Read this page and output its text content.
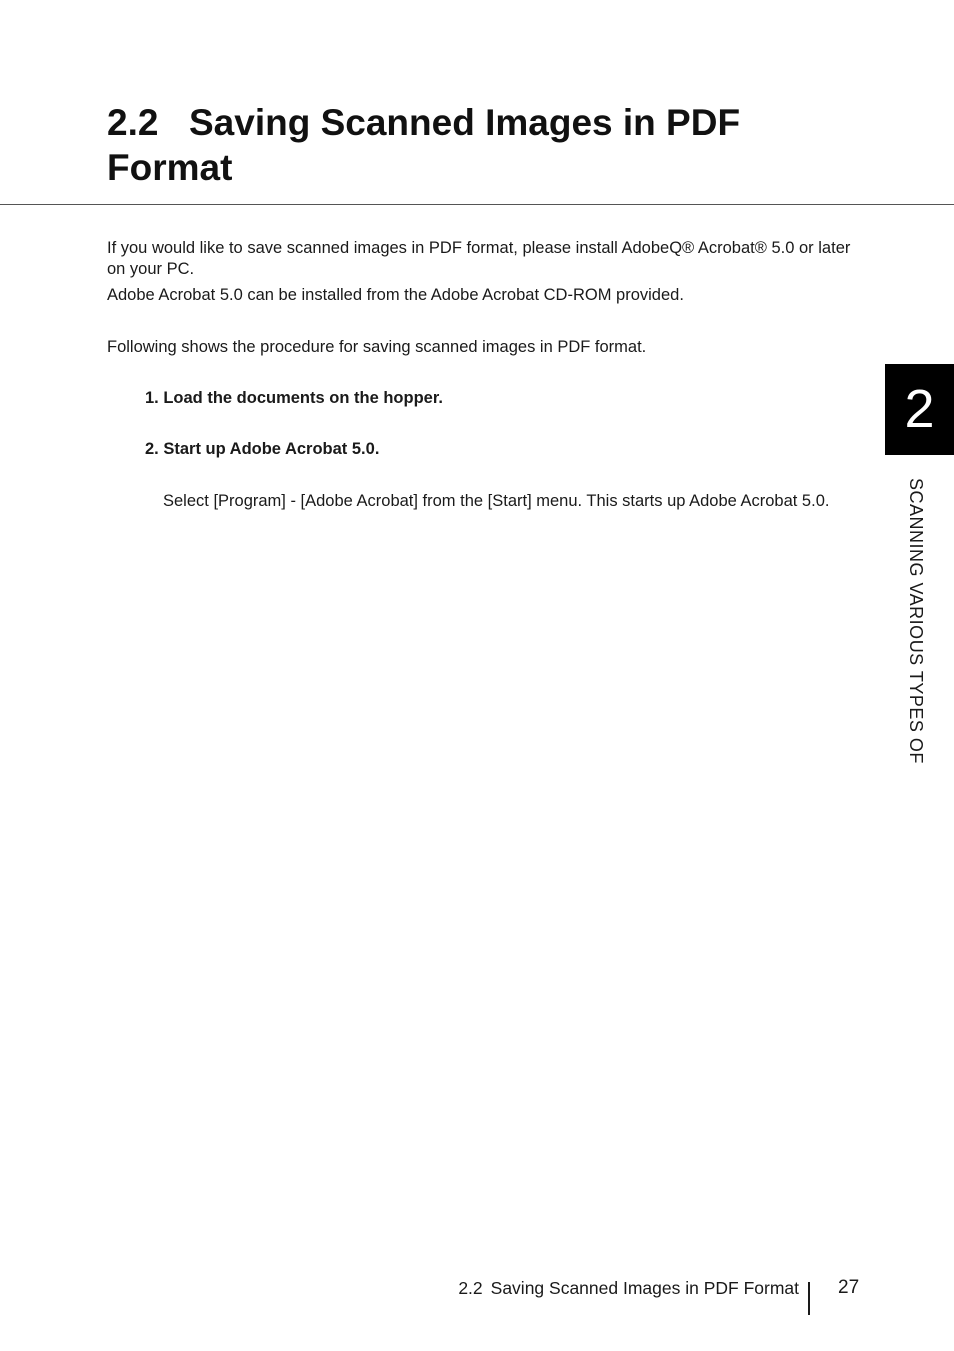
2.2 Saving Scanned Images in PDF Format

If you would like to save scanned images in PDF format, please install AdobeQ® Acrobat® 5.0 or later on your PC.

Adobe Acrobat 5.0 can be installed from the Adobe Acrobat CD-ROM provided.

Following shows the procedure for saving scanned images in PDF format.

1. Load the documents on the hopper.

2. Start up Adobe Acrobat 5.0.

Select [Program] - [Adobe Acrobat] from the [Start] menu. This starts up Adobe Acrobat 5.0.

2
SCANNING VARIOUS TYPES OF
2.2 Saving Scanned Images in PDF Format 27
